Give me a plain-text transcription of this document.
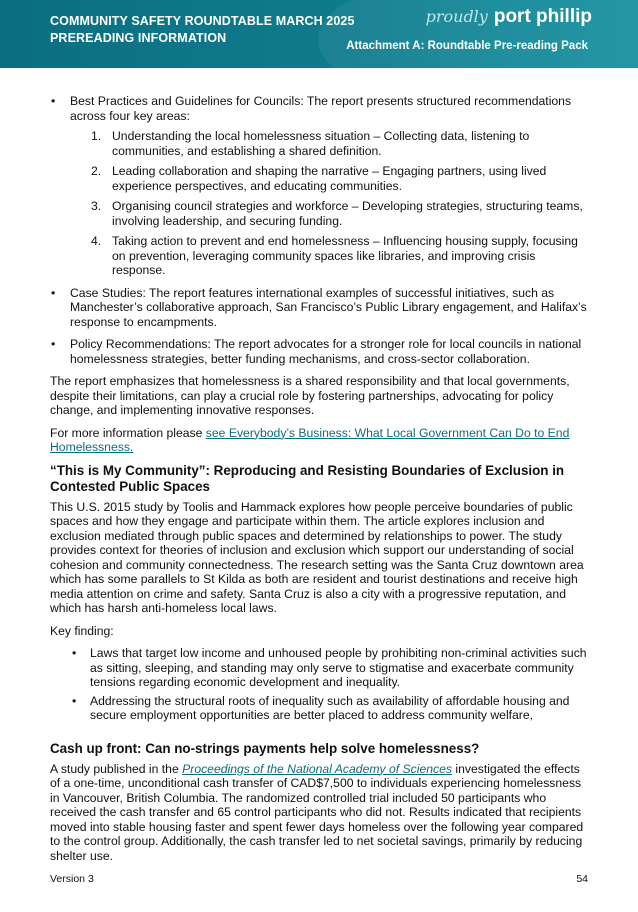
COMMUNITY SAFETY ROUNDTABLE MARCH 2025
PREREADING INFORMATION
proudly port phillip
Attachment A: Roundtable Pre-reading Pack
• Best Practices and Guidelines for Councils: The report presents structured recommendations across four key areas:
1. Understanding the local homelessness situation – Collecting data, listening to communities, and establishing a shared definition.
2. Leading collaboration and shaping the narrative – Engaging partners, using lived experience perspectives, and educating communities.
3. Organising council strategies and workforce – Developing strategies, structuring teams, involving leadership, and securing funding.
4. Taking action to prevent and end homelessness – Influencing housing supply, focusing on prevention, leveraging community spaces like libraries, and improving crisis response.
• Case Studies: The report features international examples of successful initiatives, such as Manchester’s collaborative approach, San Francisco’s Public Library engagement, and Halifax’s response to encampments.
• Policy Recommendations: The report advocates for a stronger role for local councils in national homelessness strategies, better funding mechanisms, and cross-sector collaboration.

The report emphasizes that homelessness is a shared responsibility and that local governments, despite their limitations, can play a crucial role by fostering partnerships, advocating for policy change, and implementing innovative responses.

For more information please see Everybody’s Business: What Local Government Can Do to End Homelessness.

“This is My Community”: Reproducing and Resisting Boundaries of Exclusion in Contested Public Spaces

This U.S. 2015 study by Toolis and Hammack explores how people perceive boundaries of public spaces and how they engage and participate within them. The article explores inclusion and exclusion mediated through public spaces and determined by relationships to power. The study provides context for theories of inclusion and exclusion which support our understanding of social cohesion and community connectedness. The research setting was the Santa Cruz downtown area which has some parallels to St Kilda as both are resident and tourist destinations and receive high media attention on crime and safety. Santa Cruz is also a city with a progressive reputation, and which has harsh anti-homeless local laws.

Key finding:

• Laws that target low income and unhoused people by prohibiting non-criminal activities such as sitting, sleeping, and standing may only serve to stigmatise and exacerbate community tensions regarding economic development and inequality.
• Addressing the structural roots of inequality such as availability of affordable housing and secure employment opportunities are better placed to address community welfare,
Cash up front: Can no-strings payments help solve homelessness?

A study published in the Proceedings of the National Academy of Sciences investigated the effects of a one-time, unconditional cash transfer of CAD$7,500 to individuals experiencing homelessness in Vancouver, British Columbia. The randomized controlled trial included 50 participants who received the cash transfer and 65 control participants who did not. Results indicated that recipients moved into stable housing faster and spent fewer days homeless over the following year compared to the control group. Additionally, the cash transfer led to net societal savings, primarily by reducing shelter use.

Version 3	54
